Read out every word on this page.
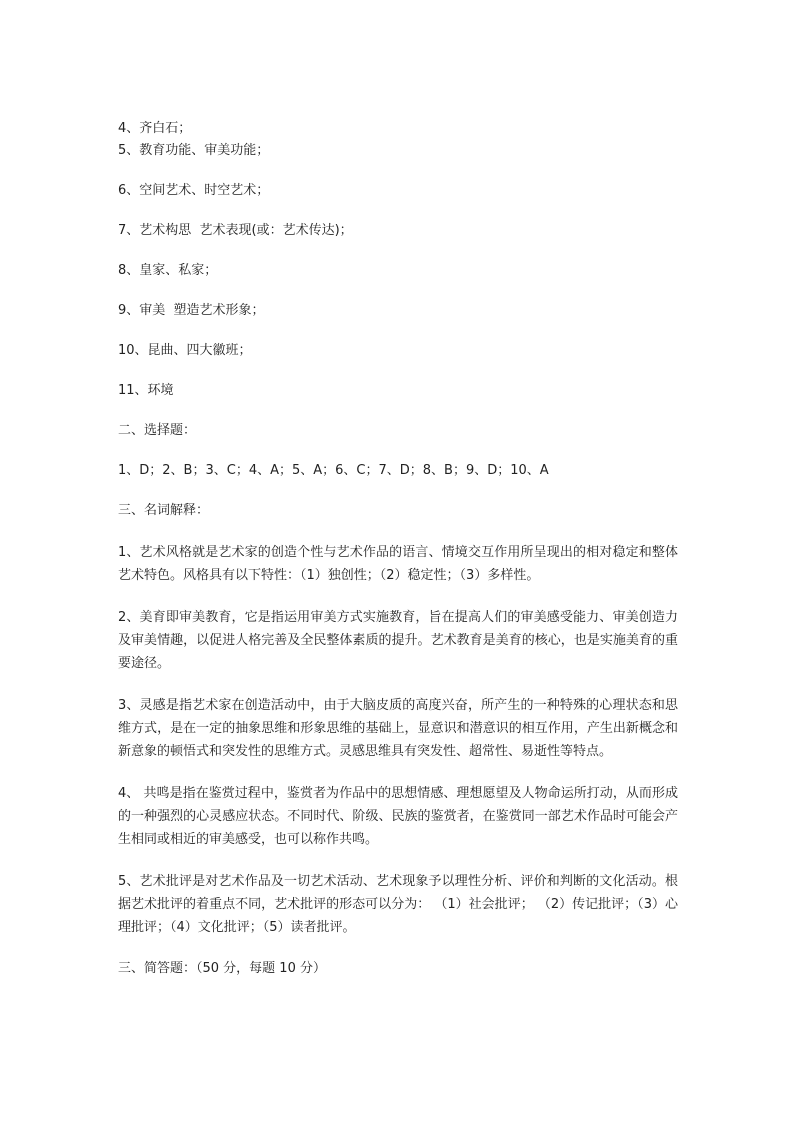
4、齐白石；

5、教育功能、审美功能；

6、空间艺术、时空艺术；

7、艺术构思  艺术表现(或：艺术传达)；

8、皇家、私家；

9、审美  塑造艺术形象；

10、昆曲、四大徽班；

11、环境

二、选择题：

1、D；2、B；3、C；4、A；5、A；6、C；7、D；8、B；9、D；10、A

三、名词解释：

1、艺术风格就是艺术家的创造个性与艺术作品的语言、情境交互作用所呈现出的相对稳定和整体艺术特色。风格具有以下特性：（1）独创性；（2）稳定性；（3）多样性。

2、美育即审美教育，它是指运用审美方式实施教育，旨在提高人们的审美感受能力、审美创造力及审美情趣，以促进人格完善及全民整体素质的提升。艺术教育是美育的核心，也是实施美育的重要途径。

3、灵感是指艺术家在创造活动中，由于大脑皮质的高度兴奋，所产生的一种特殊的心理状态和思维方式，是在一定的抽象思维和形象思维的基础上，显意识和潜意识的相互作用，产生出新概念和新意象的顿悟式和突发性的思维方式。灵感思维具有突发性、超常性、易逝性等特点。

4、 共鸣是指在鉴赏过程中，鉴赏者为作品中的思想情感、理想愿望及人物命运所打动，从而形成的一种强烈的心灵感应状态。不同时代、阶级、民族的鉴赏者，在鉴赏同一部艺术作品时可能会产生相同或相近的审美感受，也可以称作共鸣。

5、艺术批评是对艺术作品及一切艺术活动、艺术现象予以理性分析、评价和判断的文化活动。根据艺术批评的着重点不同，艺术批评的形态可以分为： （1）社会批评； （2）传记批评；（3）心理批评；（4）文化批评；（5）读者批评。

三、简答题：（50 分，每题 10 分）
